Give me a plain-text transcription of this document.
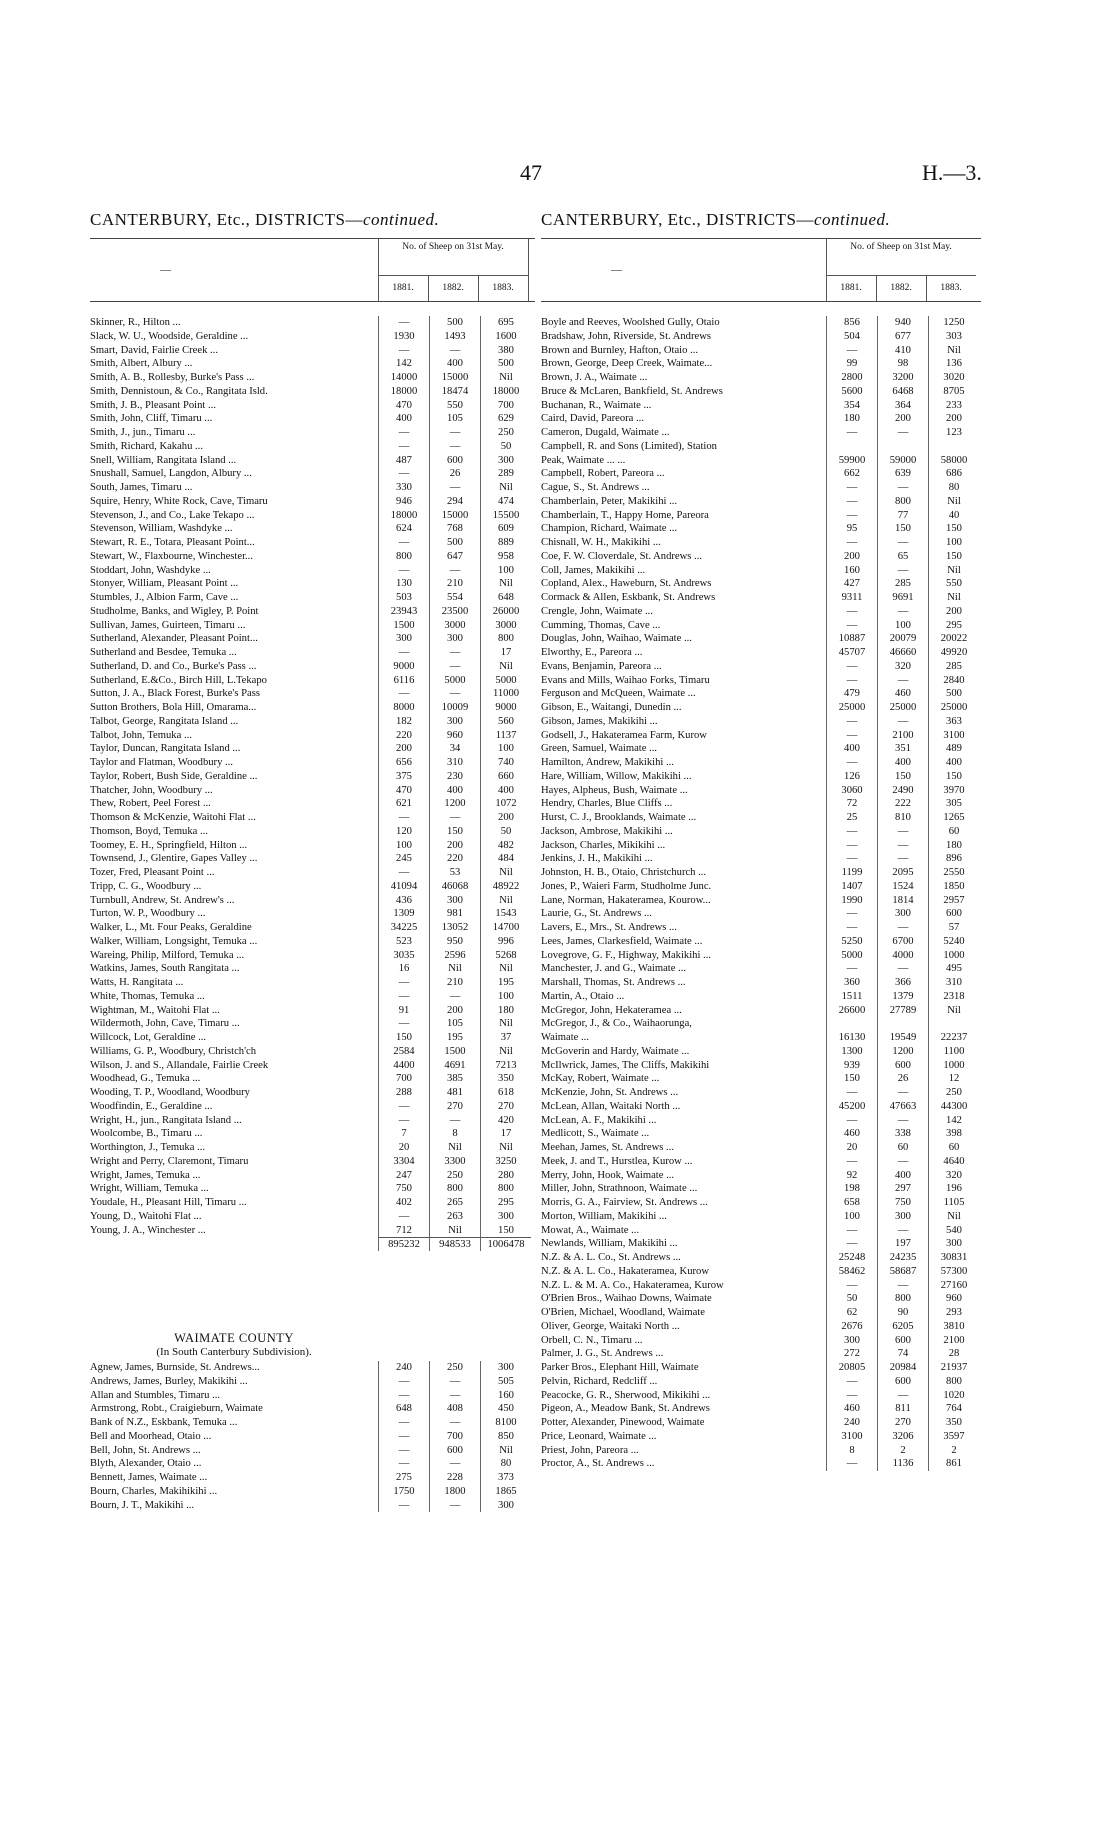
47	H.—3.
CANTERBURY, Etc., DISTRICTS—continued.
—
No. of Sheep on 31st May.
1881.	1882.	1883.
Skinner, R., Hilton ...	—	500	695
Slack, W. U., Woodside, Geraldine ...	1930	1493	1600
Smart, David, Fairlie Creek ...	—	—	380
Smith, Albert, Albury ...	142	400	500
Smith, A. B., Rollesby, Burke's Pass ...	14000	15000	Nil
Smith, Dennistoun, & Co., Rangitata Isld.	18000	18474	18000
Smith, J. B., Pleasant Point ...	470	550	700
Smith, John, Cliff, Timaru ...	400	105	629
Smith, J., jun., Timaru ...	—	—	250
Smith, Richard, Kakahu ...	—	—	50
Snell, William, Rangitata Island ...	487	600	300
Snushall, Samuel, Langdon, Albury ...	—	26	289
South, James, Timaru ...	330	—	Nil
Squire, Henry, White Rock, Cave, Timaru	946	294	474
Stevenson, J., and Co., Lake Tekapo ...	18000	15000	15500
Stevenson, William, Washdyke ...	624	768	609
Stewart, R. E., Totara, Pleasant Point...	—	500	889
Stewart, W., Flaxbourne, Winchester...	800	647	958
Stoddart, John, Washdyke ...	—	—	100
Stonyer, William, Pleasant Point ...	130	210	Nil
Stumbles, J., Albion Farm, Cave ...	503	554	648
Studholme, Banks, and Wigley, P. Point	23943	23500	26000
Sullivan, James, Guirteen, Timaru ...	1500	3000	3000
Sutherland, Alexander, Pleasant Point...	300	300	800
Sutherland and Besdee, Temuka ...	—	—	17
Sutherland, D. and Co., Burke's Pass ...	9000	—	Nil
Sutherland, E.&Co., Birch Hill, L.Tekapo	6116	5000	5000
Sutton, J. A., Black Forest, Burke's Pass	—	—	11000
Sutton Brothers, Bola Hill, Omarama...	8000	10009	9000
Talbot, George, Rangitata Island ...	182	300	560
Talbot, John, Temuka ...	220	960	1137
Taylor, Duncan, Rangitata Island ...	200	34	100
Taylor and Flatman, Woodbury ...	656	310	740
Taylor, Robert, Bush Side, Geraldine ...	375	230	660
Thatcher, John, Woodbury ...	470	400	400
Thew, Robert, Peel Forest ...	621	1200	1072
Thomson & McKenzie, Waitohi Flat ...	—	—	200
Thomson, Boyd, Temuka ...	120	150	50
Toomey, E. H., Springfield, Hilton ...	100	200	482
Townsend, J., Glentire, Gapes Valley ...	245	220	484
Tozer, Fred, Pleasant Point ...	—	53	Nil
Tripp, C. G., Woodbury ...	41094	46068	48922
Turnbull, Andrew, St. Andrew's ...	436	300	Nil
Turton, W. P., Woodbury ...	1309	981	1543
Walker, L., Mt. Four Peaks, Geraldine	34225	13052	14700
Walker, William, Longsight, Temuka ...	523	950	996
Wareing, Philip, Milford, Temuka ...	3035	2596	5268
Watkins, James, South Rangitata ...	16	Nil	Nil
Watts, H. Rangitata ...	—	210	195
White, Thomas, Temuka ...	—	—	100
Wightman, M., Waitohi Flat ...	91	200	180
Wildermoth, John, Cave, Timaru ...	—	105	Nil
Willcock, Lot, Geraldine ...	150	195	37
Williams, G. P., Woodbury, Christch'ch	2584	1500	Nil
Wilson, J. and S., Allandale, Fairlie Creek	4400	4691	7213
Woodhead, G., Temuka ...	700	385	350
Wooding, T. P., Woodland, Woodbury	288	481	618
Woodfindin, E., Geraldine ...	—	270	270
Wright, H., jun., Rangitata Island ...	—	—	420
Woolcombe, B., Timaru ...	7	8	17
Worthington, J., Temuka ...	20	Nil	Nil
Wright and Perry, Claremont, Timaru	3304	3300	3250
Wright, James, Temuka ...	247	250	280
Wright, William, Temuka ...	750	800	800
Youdale, H., Pleasant Hill, Timaru ...	402	265	295
Young, D., Waitohi Flat ...	—	263	300
Young, J. A., Winchester ...	712	Nil	150
895232	948533	1006478
WAIMATE COUNTY
(In South Canterbury Subdivision).
Agnew, James, Burnside, St. Andrews...	240	250	300
Andrews, James, Burley, Makikihi ...	—	—	505
Allan and Stumbles, Timaru ...	—	—	160
Armstrong, Robt., Craigieburn, Waimate	648	408	450
Bank of N.Z., Eskbank, Temuka ...	—	—	8100
Bell and Moorhead, Otaio ...	—	700	850
Bell, John, St. Andrews ...	—	600	Nil
Blyth, Alexander, Otaio ...	—	—	80
Bennett, James, Waimate ...	275	228	373
Bourn, Charles, Makihikihi ...	1750	1800	1865
Bourn, J. T., Makikihi ...	—	—	300
CANTERBURY, Etc., DISTRICTS—continued.
—
No. of Sheep on 31st May.
1881.	1882.	1883.
Boyle and Reeves, Woolshed Gully, Otaio	856	940	1250
Bradshaw, John, Riverside, St. Andrews	504	677	303
Brown and Burnley, Hafton, Otaio ...	—	410	Nil
Brown, George, Deep Creek, Waimate...	99	98	136
Brown, J. A., Waimate ...	2800	3200	3020
Bruce & McLaren, Bankfield, St. Andrews	5600	6468	8705
Buchanan, R., Waimate ...	354	364	233
Caird, David, Pareora ...	180	200	200
Cameron, Dugald, Waimate ...	—	—	123
Campbell, R. and Sons (Limited), Station
Peak, Waimate ... ...	59900	59000	58000
Campbell, Robert, Pareora ...	662	639	686
Cague, S., St. Andrews ...	—	—	80
Chamberlain, Peter, Makikihi ...	—	800	Nil
Chamberlain, T., Happy Home, Pareora	—	77	40
Champion, Richard, Waimate ...	95	150	150
Chisnall, W. H., Makikihi ...	—	—	100
Coe, F. W. Cloverdale, St. Andrews ...	200	65	150
Coll, James, Makikihi ...	160	—	Nil
Copland, Alex., Haweburn, St. Andrews	427	285	550
Cormack & Allen, Eskbank, St. Andrews	9311	9691	Nil
Crengle, John, Waimate ...	—	—	200
Cumming, Thomas, Cave ...	—	100	295
Douglas, John, Waihao, Waimate ...	10887	20079	20022
Elworthy, E., Pareora ...	45707	46660	49920
Evans, Benjamin, Pareora ...	—	320	285
Evans and Mills, Waihao Forks, Timaru	—	—	2840
Ferguson and McQueen, Waimate ...	479	460	500
Gibson, E., Waitangi, Dunedin ...	25000	25000	25000
Gibson, James, Makikihi ...	—	—	363
Godsell, J., Hakateramea Farm, Kurow	—	2100	3100
Green, Samuel, Waimate ...	400	351	489
Hamilton, Andrew, Makikihi ...	—	400	400
Hare, William, Willow, Makikihi ...	126	150	150
Hayes, Alpheus, Bush, Waimate ...	3060	2490	3970
Hendry, Charles, Blue Cliffs ...	72	222	305
Hurst, C. J., Brooklands, Waimate ...	25	810	1265
Jackson, Ambrose, Makikihi ...	—	—	60
Jackson, Charles, Mikikihi ...	—	—	180
Jenkins, J. H., Makikihi ...	—	—	896
Johnston, H. B., Otaio, Christchurch ...	1199	2095	2550
Jones, P., Waieri Farm, Studholme Junc.	1407	1524	1850
Lane, Norman, Hakateramea, Kourow...	1990	1814	2957
Laurie, G., St. Andrews ...	—	300	600
Lavers, E., Mrs., St. Andrews ...	—	—	57
Lees, James, Clarkesfield, Waimate ...	5250	6700	5240
Lovegrove, G. F., Highway, Makikihi ...	5000	4000	1000
Manchester, J. and G., Waimate ...	—	—	495
Marshall, Thomas, St. Andrews ...	360	366	310
Martin, A., Otaio ...	1511	1379	2318
McGregor, John, Hekateramea ...	26600	27789	Nil
McGregor, J., & Co., Waihaorunga,
Waimate ...	16130	19549	22237
McGoverin and Hardy, Waimate ...	1300	1200	1100
McIlwrick, James, The Cliffs, Makikihi	939	600	1000
McKay, Robert, Waimate ...	150	26	12
McKenzie, John, St. Andrews ...	—	—	250
McLean, Allan, Waitaki North ...	45200	47663	44300
McLean, A. F., Makikihi ...	—	—	142
Medlicott, S., Waimate ...	460	338	398
Meehan, James, St. Andrews ...	20	60	60
Meek, J. and T., Hurstlea, Kurow ...	—	—	4640
Merry, John, Hook, Waimate ...	92	400	320
Miller, John, Strathnoon, Waimate ...	198	297	196
Morris, G. A., Fairview, St. Andrews ...	658	750	1105
Morton, William, Makikihi ...	100	300	Nil
Mowat, A., Waimate ...	—	—	540
Newlands, William, Makikihi ...	—	197	300
N.Z. & A. L. Co., St. Andrews ...	25248	24235	30831
N.Z. & A. L. Co., Hakateramea, Kurow	58462	58687	57300
N.Z. L. & M. A. Co., Hakateramea, Kurow	—	—	27160
O'Brien Bros., Waihao Downs, Waimate	50	800	960
O'Brien, Michael, Woodland, Waimate	62	90	293
Oliver, George, Waitaki North ...	2676	6205	3810
Orbell, C. N., Timaru ...	300	600	2100
Palmer, J. G., St. Andrews ...	272	74	28
Parker Bros., Elephant Hill, Waimate	20805	20984	21937
Pelvin, Richard, Redcliff ...	—	600	800
Peacocke, G. R., Sherwood, Mikikihi ...	—	—	1020
Pigeon, A., Meadow Bank, St. Andrews	460	811	764
Potter, Alexander, Pinewood, Waimate	240	270	350
Price, Leonard, Waimate ...	3100	3206	3597
Priest, John, Pareora ...	8	2	2
Proctor, A., St. Andrews ...	—	1136	861
